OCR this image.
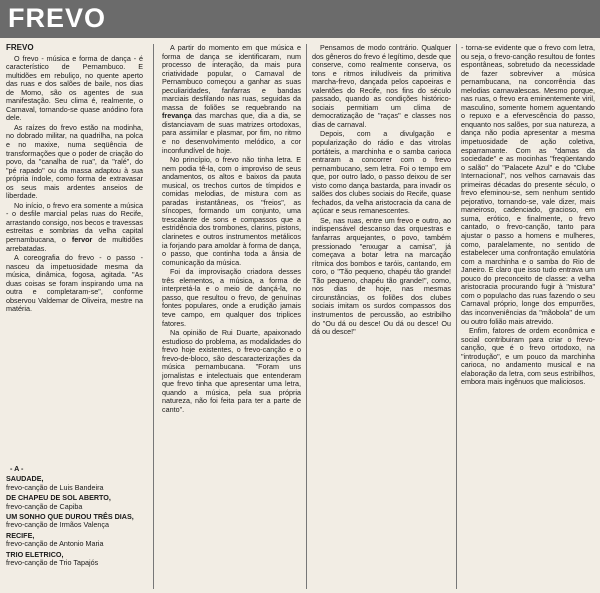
FREVO

FREVO

O frevo - música e forma de dança - é característico de Pernambuco. E multidões em rebuliço, no quente aperto das ruas e dos salões de baile, nos dias de Momo, são os agentes de sua manifestação. Seu clima é, realmente, o Carnaval, tornando-se quase anódino fora dele.

As raízes do frevo estão na modinha, no dobrado militar, na quadrilha, na polca e no maxixe, numa seqüência de transformações que o poder de criação do povo, da "canalha de rua", da "ralé", do "pé rapado" ou da massa adaptou à sua própria índole, como forma de extravasar os seus mais ardentes anseios de liberdade.

No início, o frevo era somente a música - o desfile marcial pelas ruas do Recife, arrastando consigo, nos becos e travessas estreitas e sombrias da velha capital pernambucana, o fervor de multidões arrebatadas.

A coreografia do frevo - o passo - nasceu da impetuosidade mesma da música, dinâmica, fogosa, agitada. "As duas coisas se foram inspirando uma na outra e completaram-se", conforme observou Valdemar de Oliveira, mestre na matéria.

- A -
SAUDADE,
frevo-canção de Luis Bandeira
DE CHAPEU DE SOL ABERTO,
frevo-canção de Capiba
UM SONHO QUE DUROU TRÊS DIAS,
frevo-canção de Irmãos Valença
RECIFE,
frevo-canção de Antonio Maria
TRIO ELETRICO,
frevo-canção de Trio Tapajós

A partir do momento em que música e forma de dança se identificaram, num processo de interação, da mais pura criatividade popular, o Carnaval de Pernambuco começou a ganhar as suas peculiaridades, fanfarras e bandas marciais desfilando nas ruas, seguidas da massa de foliões se requebrando na frevança das marchas que, dia a dia, se distanciavam de suas matrizes ortodoxas, para assimilar e plasmar, por fim, no ritmo e no desenvolvimento melódico, a cor inconfundível de hoje.

No princípio, o frevo não tinha letra. E nem podia tê-la, com o improviso de seus andamentos, os altos e baixos da pauta musical, os trechos curtos de tímpidos e comidas melodias, de mistura com as paradas instantâneas, os "freios", as síncopes, formando um conjunto, uma trescalante de sons e compassos que a estridência dos trombones, clarins, pistons, clarinetes e outros instrumentos metálicos ia forjando para amoldar à forma de dança, o passo, que continha toda a ânsia de comunicação da música.

Foi da improvisação criadora desses três elementos, a música, a forma de interpretá-la e o meio de dançá-la, no passo, que resultou o frevo, de genuínas fontes populares, onde a erudição jamais teve campo, em qualquer dos triplices fatores.

Na opinião de Rui Duarte, apaixonado estudioso do problema, as modalidades do frevo hoje existentes, o frevo-canção e o frevo-de-bloco, são descaracterizações da música pernambucana. "Foram uns jornalistas e intelectuais que entenderam que frevo tinha que apresentar uma letra, quando a música, pela sua própria natureza, não foi feita para ter a parte de canto".

Pensamos de modo contrário. Qualquer dos gêneros do frevo é legítimo, desde que conserve, como realmente conserva, os tons e ritmos iniludíveis da primitiva marcha-frevo, dançada pelos capoeiras e valentões do Recife, nos fins do século passado, quando as condições histórico-sociais permitiam um clima de democratização de "raças" e classes nos dias de carnaval.

Depois, com a divulgação e popularização do rádio e das vitrolas portáteis, a marchinha e o samba carioca entraram a concorrer com o frevo pernambucano, sem letra. Foi o tempo em que, por outro lado, o passo deixou de ser visto como dança bastarda, para invadir os salões dos clubes sociais do Recife, quase fechados, da velha aristocracia da cana de açúcar e seus remanescentes.

Se, nas ruas, entre um frevo e outro, ao indispensável descanso das orquestras e fanfarras arquejantes, o povo, também pressionado "enxugar a camisa", já começava a botar letra na marcação rítmica dos bombos e taróis, cantando, em coro, o "Tão pequeno, chapéu tão grande! Tão pequeno, chapéu tão grande!", como, nos dias de hoje, nas mesmas circunstâncias, os foliões dos clubes sociais imitam os surdos compassos dos instrumentos de percussão, ao estribilho do "Ou dá ou desce! Ou dá ou desce! Ou dá ou desce!"

- torna-se evidente que o frevo com letra, ou seja, o frevo-canção resultou de fontes espontâneas, sobretudo da necessidade de fazer sobreviver a música pernambucana, na concorrência das melodias carnavalescas. Mesmo porque, nas ruas, o frevo era eminentemente viril, masculino, somente homem aguentando o repuxo e a efervescência do passo, enquanto nos salões, por sua natureza, a dança não podia apresentar a mesma impetuosidade de ação coletiva, esparramante. Com as "damas da sociedade" e as mocinhas "freqüentando o salão" do "Palacete Azul" e do "Clube Internacional", nos velhos carnavais das primeiras décadas do presente século, o frevo efeminou-se, sem nenhum sentido pejorativo, tornando-se, vale dizer, mais maneiroso, cadenciado, gracioso, em suma, erótico, e finalmente, o frevo cantado, o frevo-canção, tanto para ajustar o passo a homens e mulheres, como, paralelamente, no sentido de estabelecer uma confrontação emulatória com a marchinha e o samba do Rio de Janeiro. E claro que isso tudo entrava um pouco do preconceito de classe: a velha aristocracia procurando fugir à "mistura" com o populacho das ruas fazendo o seu Carnaval próprio, longe dos empurrões, das inconveniências da "mãobola" de um ou outro folião mais atrevido.

Enfim, fatores de ordem econômica e social contribuiram para criar o frevo-canção, que é o frevo ortodoxo, na "introdução", e um pouco da marchinha carioca, no andamento musical e na elaboração da letra, com seus estribilhos, embora mais ingênuos que maliciosos.
